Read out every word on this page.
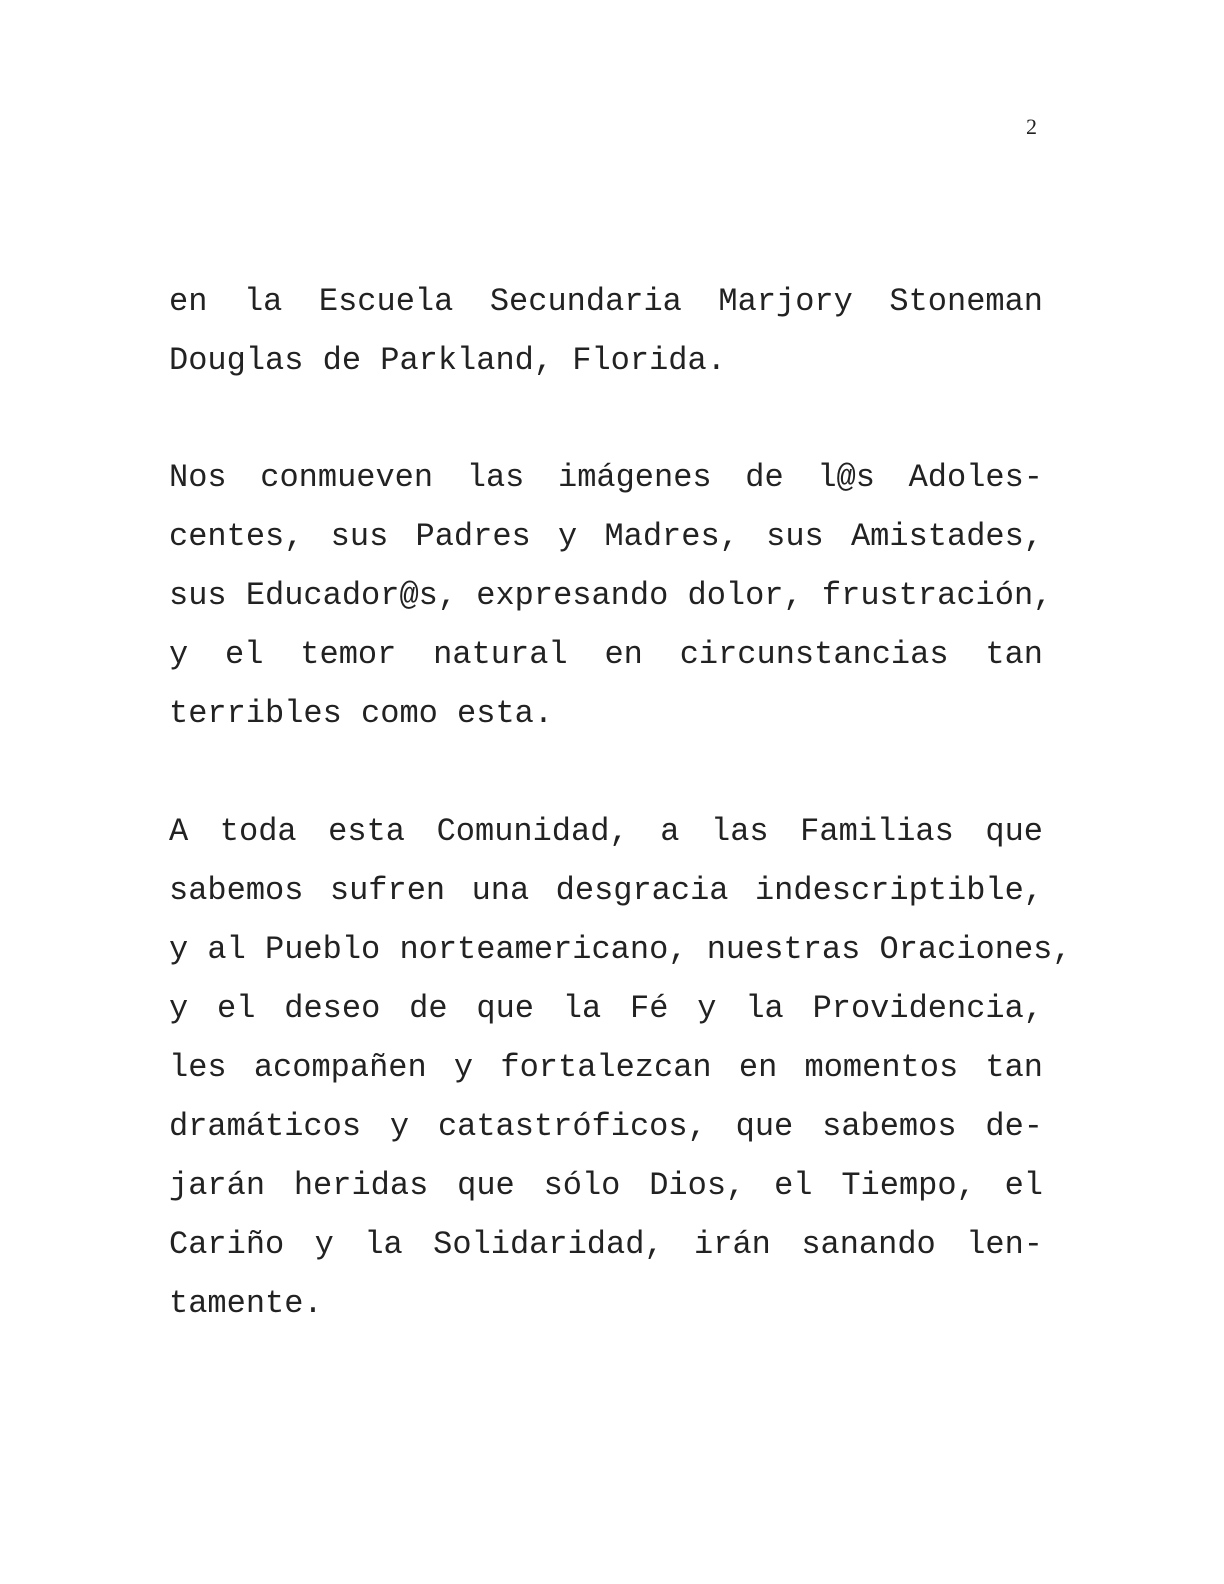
2
en la Escuela Secundaria Marjory Stoneman
Douglas de Parkland, Florida.
Nos conmueven las imágenes de l@s Adoles-
centes, sus Padres y Madres, sus Amistades,
sus Educador@s, expresando dolor, frustración,
y el temor natural en circunstancias tan
terribles como esta.
A toda esta Comunidad, a las Familias que
sabemos sufren una desgracia indescriptible,
y al Pueblo norteamericano, nuestras Oraciones,
y el deseo de que la Fé y la Providencia,
les acompañen y fortalezcan en momentos tan
dramáticos y catastróficos, que sabemos de-
jarán heridas que sólo Dios, el Tiempo, el
Cariño y la Solidaridad, irán sanando len-
tamente.
